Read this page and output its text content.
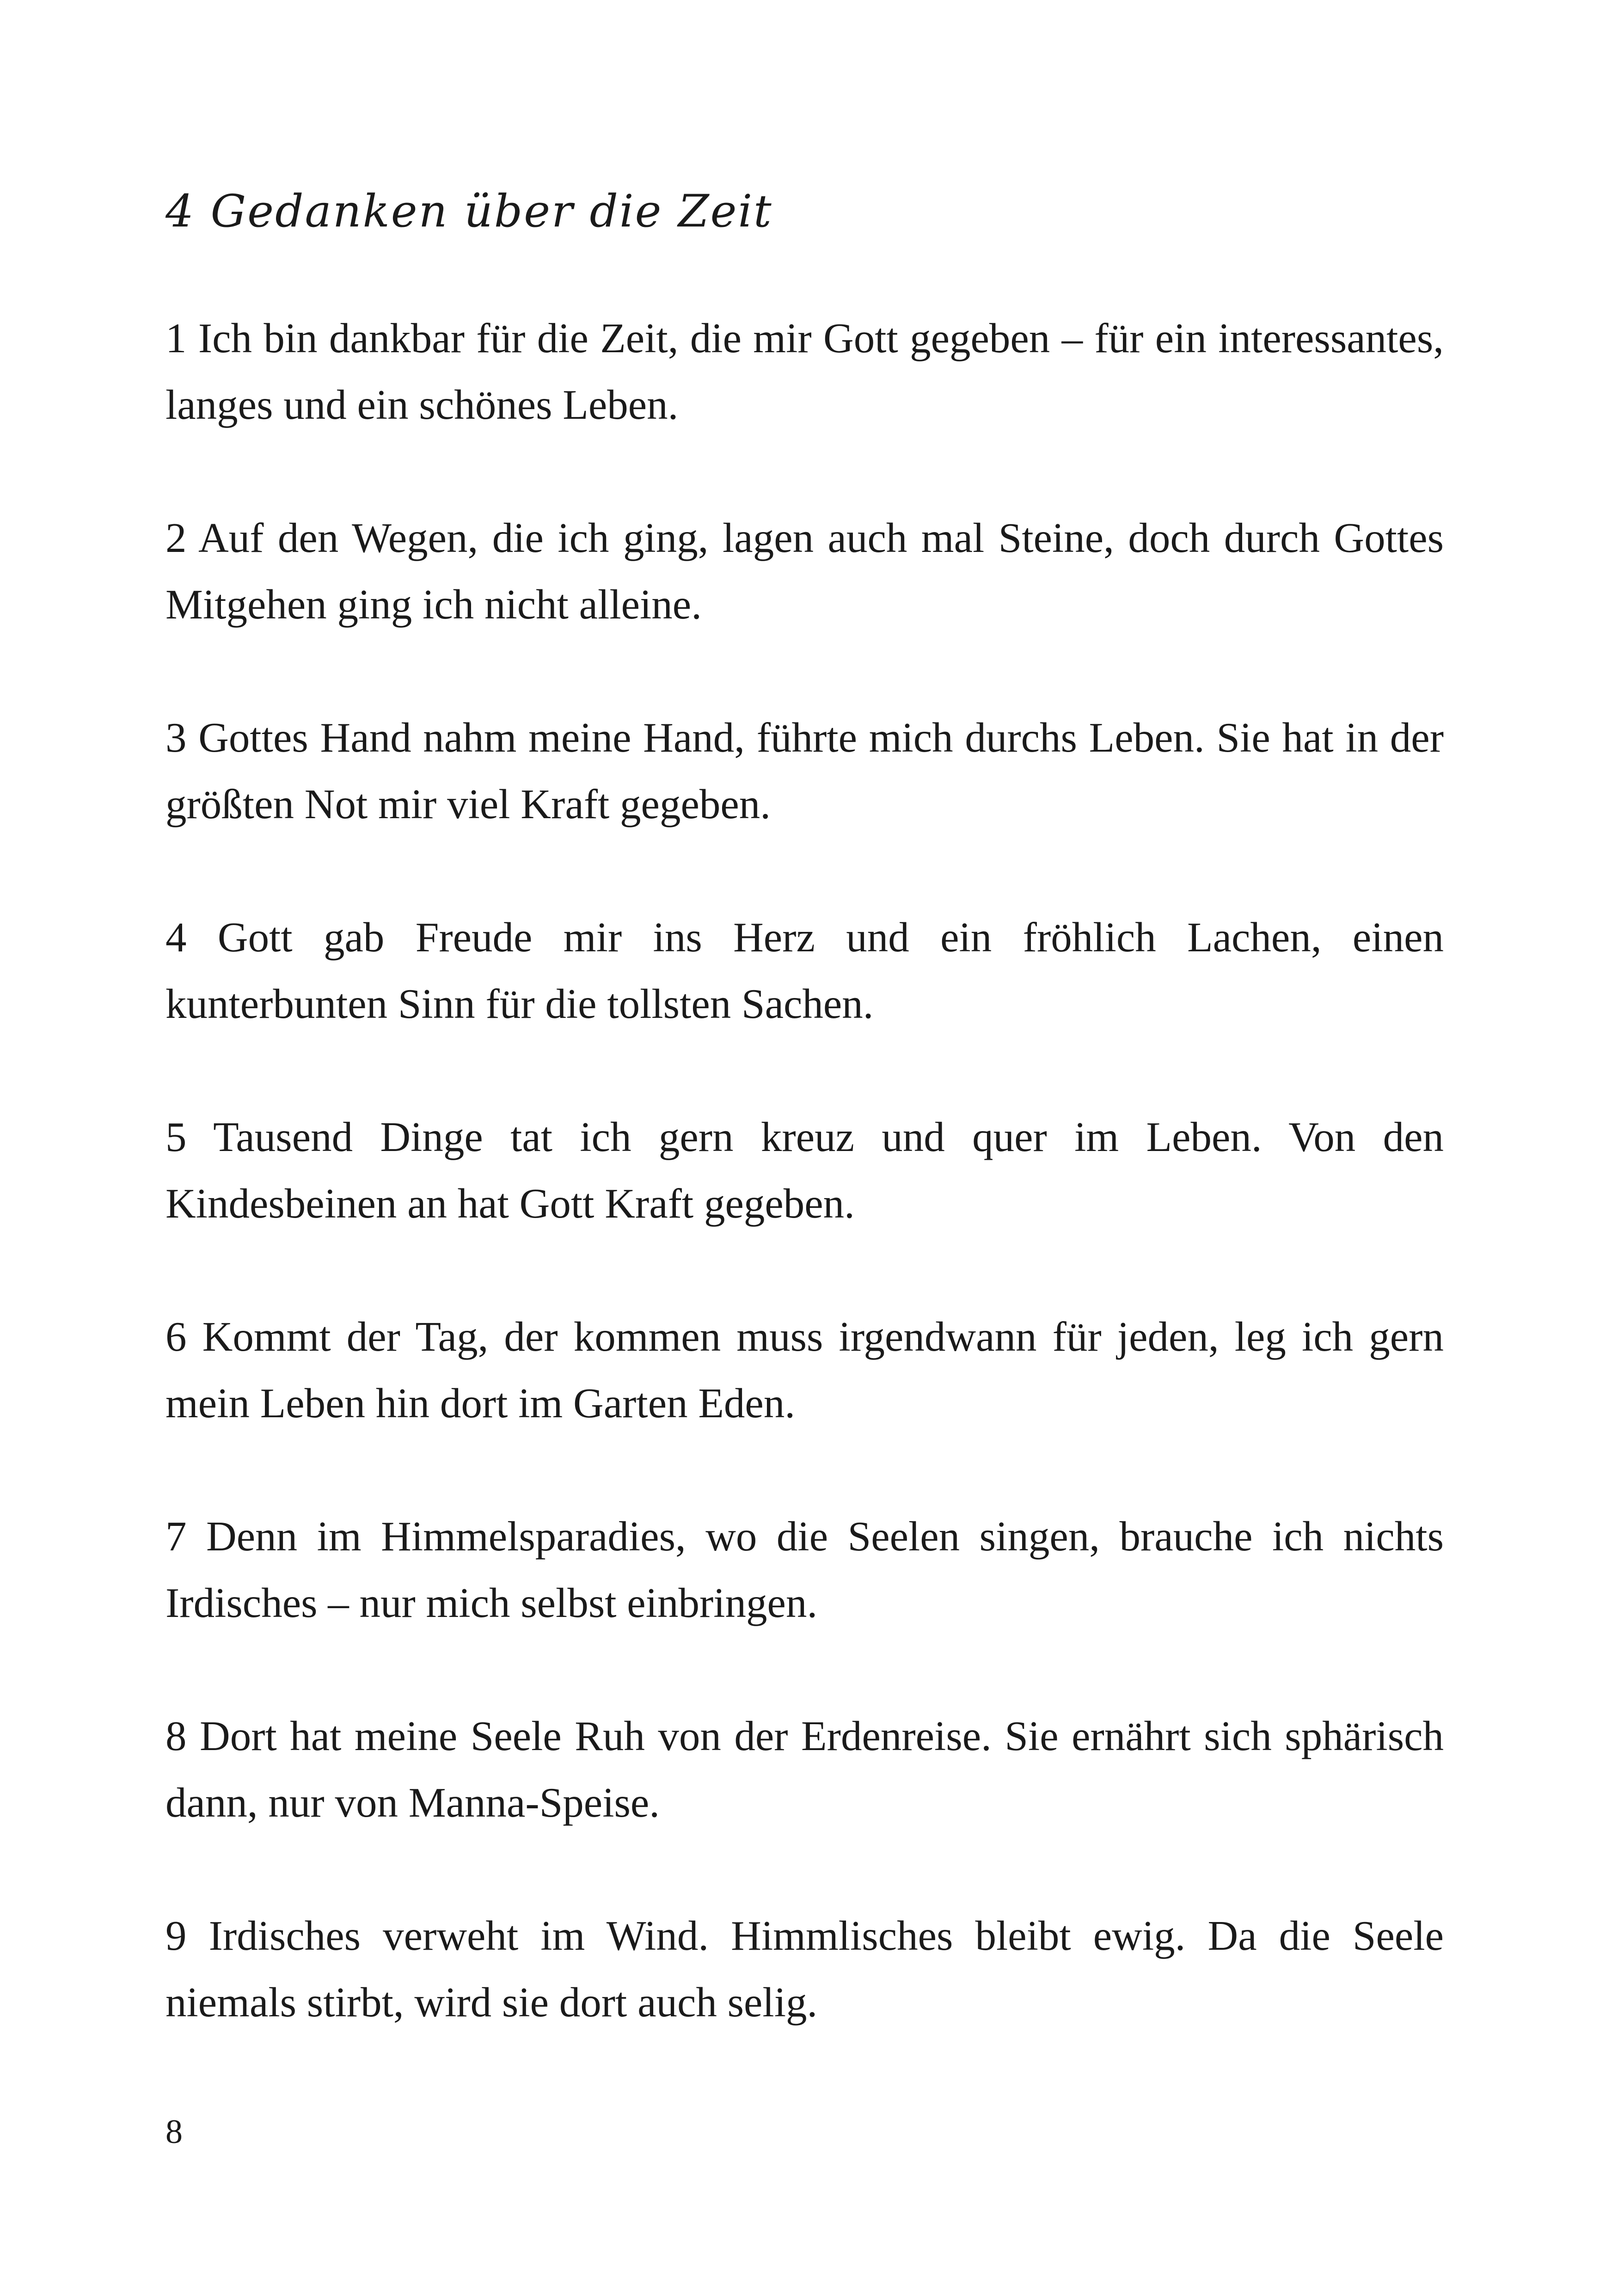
4 Gedanken über die Zeit

1 Ich bin dankbar für die Zeit, die mir Gott gegeben – für ein interessantes, langes und ein schönes Leben.

2 Auf den Wegen, die ich ging, lagen auch mal Steine, doch durch Gottes Mitgehen ging ich nicht alleine.

3 Gottes Hand nahm meine Hand, führte mich durchs Leben. Sie hat in der größten Not mir viel Kraft gegeben.

4 Gott gab Freude mir ins Herz und ein fröhlich Lachen, einen kunterbunten Sinn für die tollsten Sachen.

5 Tausend Dinge tat ich gern kreuz und quer im Leben. Von den Kindesbeinen an hat Gott Kraft gegeben.

6 Kommt der Tag, der kommen muss irgendwann für jeden, leg ich gern mein Leben hin dort im Garten Eden.

7 Denn im Himmelsparadies, wo die Seelen singen, brauche ich nichts Irdisches – nur mich selbst einbringen.

8 Dort hat meine Seele Ruh von der Erdenreise. Sie ernährt sich sphärisch dann, nur von Manna-Speise.

9 Irdisches verweht im Wind. Himmlisches bleibt ewig. Da die Seele niemals stirbt, wird sie dort auch selig.

8
